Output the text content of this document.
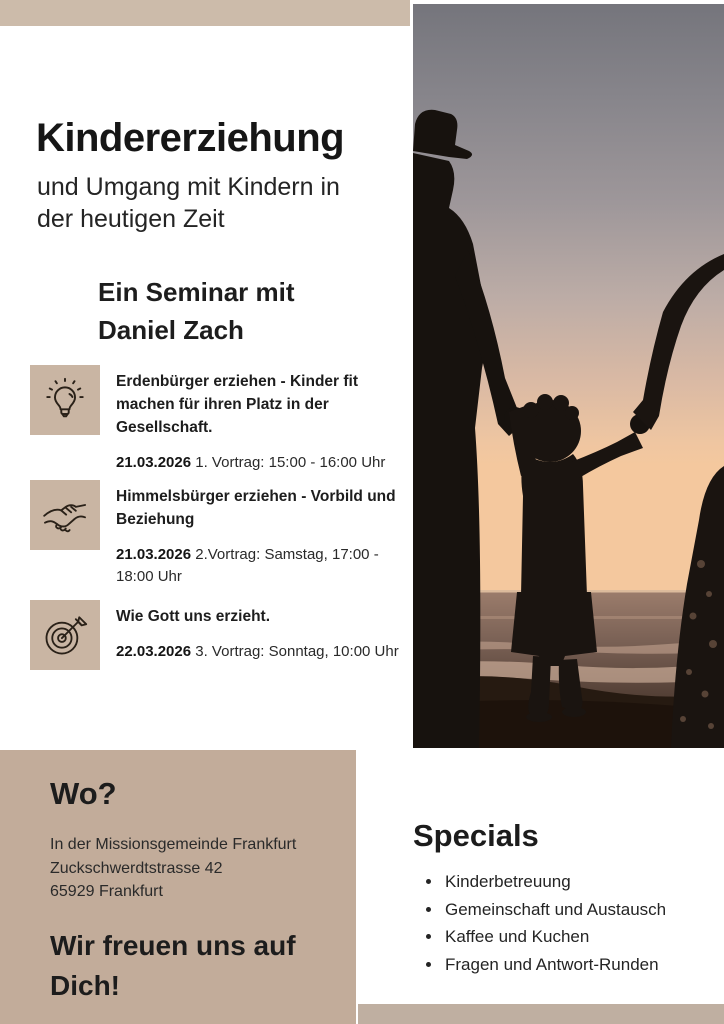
Kindererziehung
und Umgang mit Kindern in
der heutigen Zeit
Ein Seminar mit
Daniel Zach
Erdenbürger erziehen - Kinder fit machen für ihren Platz in der Gesellschaft.
21.03.2026 1. Vortrag: 15:00 - 16:00 Uhr
Himmelsbürger erziehen - Vorbild und Beziehung
21.03.2026 2.Vortrag: Samstag, 17:00 - 18:00 Uhr
Wie Gott uns erzieht.
22.03.2026 3. Vortrag: Sonntag, 10:00 Uhr
Wo?
In der Missionsgemeinde Frankfurt
Zuckschwerdtstrasse 42
65929 Frankfurt
Wir freuen uns auf Dich!
Specials
• Kinderbetreuung
• Gemeinschaft und Austausch
• Kaffee und Kuchen
• Fragen und Antwort-Runden
